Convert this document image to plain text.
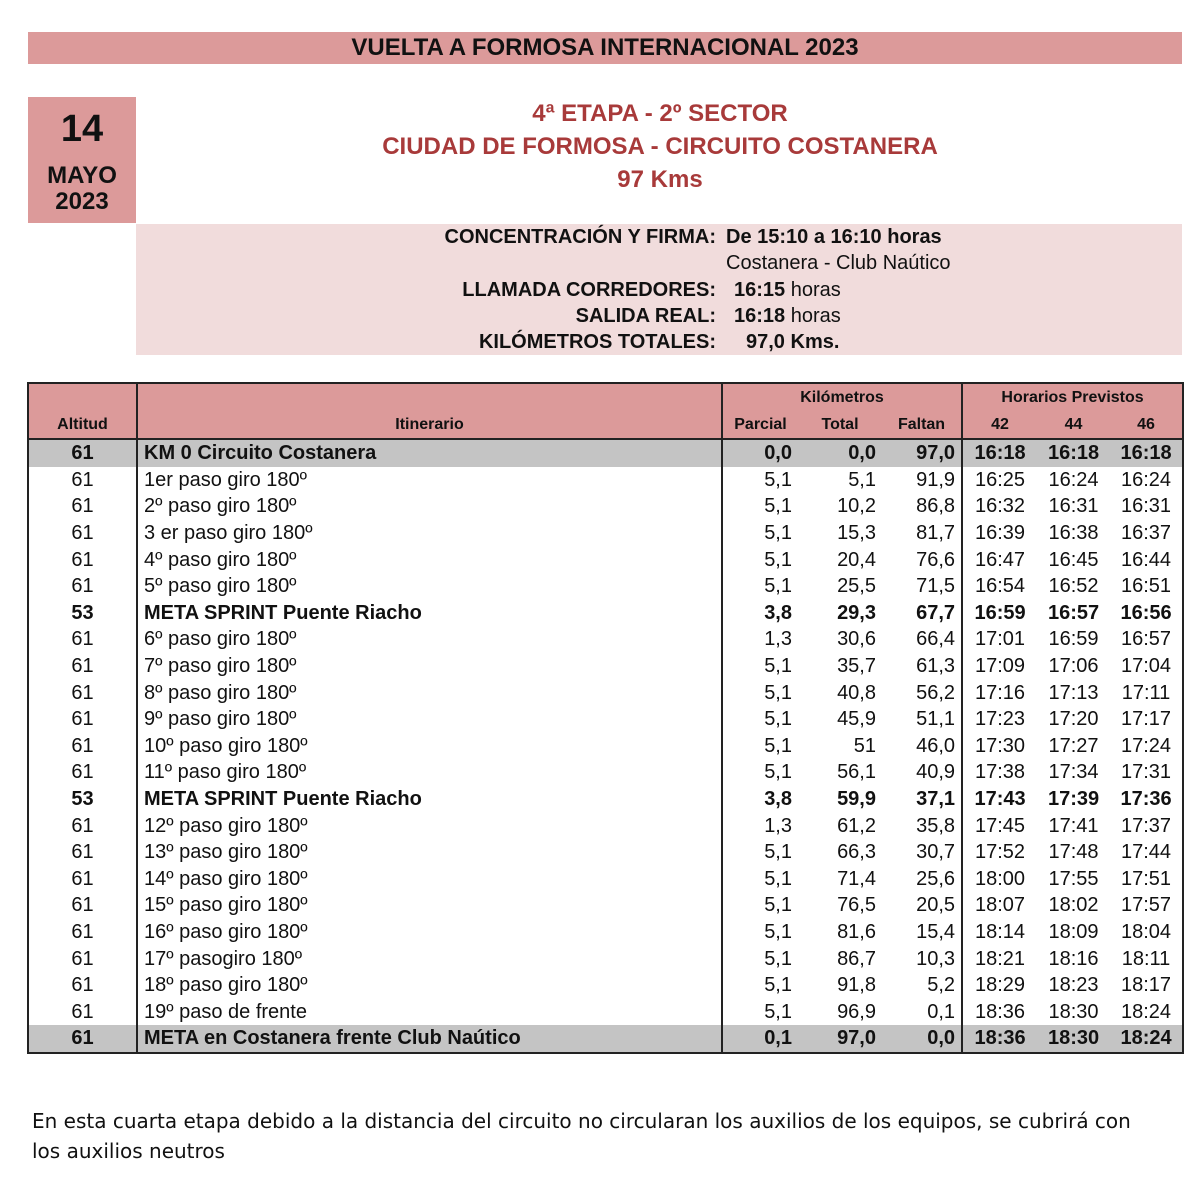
VUELTA A FORMOSA INTERNACIONAL 2023
14
MAYO
2023
4ª ETAPA - 2º SECTOR
CIUDAD DE FORMOSA - CIRCUITO COSTANERA
97 Kms
CONCENTRACIÓN Y FIRMA: De 15:10 a 16:10 horas
Costanera - Club Naútico
LLAMADA CORREDORES: 16:15 horas
SALIDA REAL: 16:18 horas
KILÓMETROS TOTALES: 97,0 Kms.
		Kilómetros			Horarios Previstos		
Altitud	Itinerario	Parcial	Total	Faltan	42	44	46
61	KM 0 Circuito Costanera	0,0	0,0	97,0	16:18	16:18	16:18
61	1er paso giro 180º	5,1	5,1	91,9	16:25	16:24	16:24
61	2º paso giro 180º	5,1	10,2	86,8	16:32	16:31	16:31
61	3 er paso giro 180º	5,1	15,3	81,7	16:39	16:38	16:37
61	4º paso giro 180º	5,1	20,4	76,6	16:47	16:45	16:44
61	5º paso giro 180º	5,1	25,5	71,5	16:54	16:52	16:51
53	META SPRINT Puente Riacho	3,8	29,3	67,7	16:59	16:57	16:56
61	6º paso giro 180º	1,3	30,6	66,4	17:01	16:59	16:57
61	7º paso giro 180º	5,1	35,7	61,3	17:09	17:06	17:04
61	8º paso giro 180º	5,1	40,8	56,2	17:16	17:13	17:11
61	9º paso giro 180º	5,1	45,9	51,1	17:23	17:20	17:17
61	10º paso giro 180º	5,1	51	46,0	17:30	17:27	17:24
61	11º paso giro 180º	5,1	56,1	40,9	17:38	17:34	17:31
53	META SPRINT Puente Riacho	3,8	59,9	37,1	17:43	17:39	17:36
61	12º paso giro 180º	1,3	61,2	35,8	17:45	17:41	17:37
61	13º paso giro 180º	5,1	66,3	30,7	17:52	17:48	17:44
61	14º paso giro 180º	5,1	71,4	25,6	18:00	17:55	17:51
61	15º paso giro 180º	5,1	76,5	20,5	18:07	18:02	17:57
61	16º paso giro 180º	5,1	81,6	15,4	18:14	18:09	18:04
61	17º pasogiro 180º	5,1	86,7	10,3	18:21	18:16	18:11
61	18º paso giro 180º	5,1	91,8	5,2	18:29	18:23	18:17
61	19º paso de frente	5,1	96,9	0,1	18:36	18:30	18:24
61	META en Costanera frente Club Naútico	0,1	97,0	0,0	18:36	18:30	18:24
En esta cuarta etapa debido a la distancia del circuito no circularan los auxilios de los equipos, se cubrirá con los auxilios neutros
